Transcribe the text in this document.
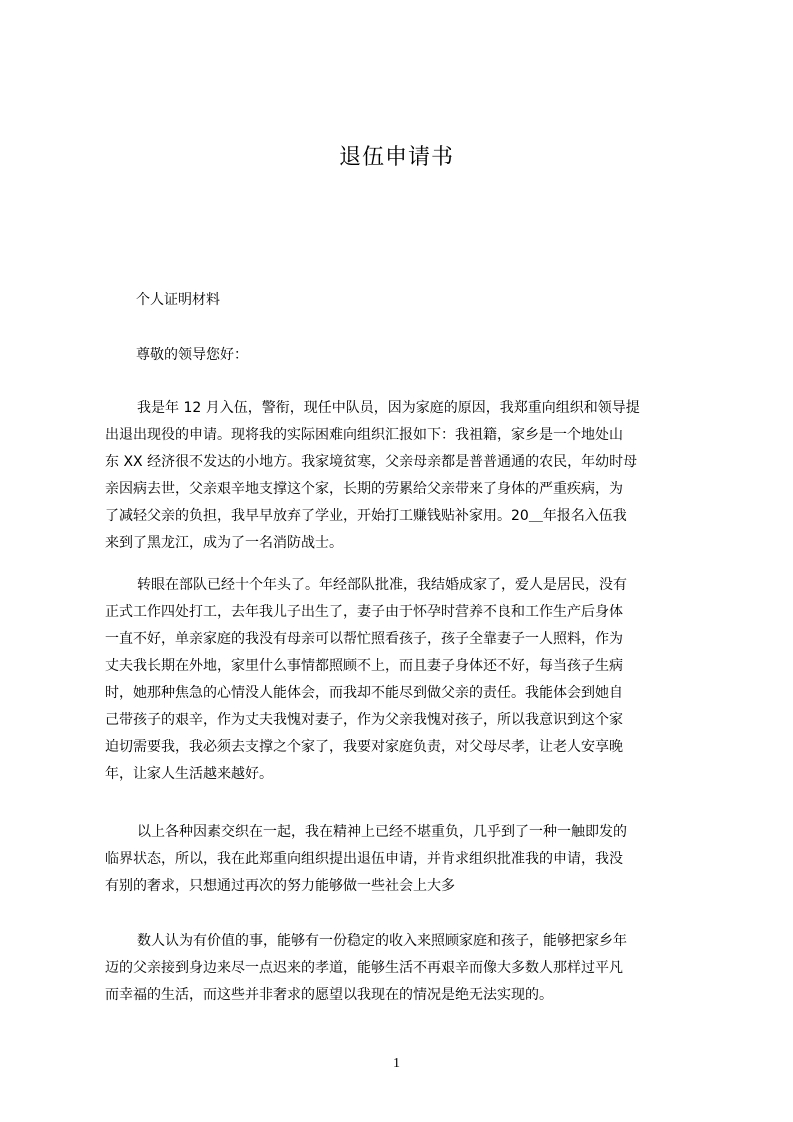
退伍申请书
个人证明材料
尊敬的领导您好：
我是年 12 月入伍，警衔，现任中队员，因为家庭的原因，我郑重向组织和领导提
出退出现役的申请。现将我的实际困难向组织汇报如下：我祖籍，家乡是一个地处山
东 XX 经济很不发达的小地方。我家境贫寒，父亲母亲都是普普通通的农民，年幼时母
亲因病去世，父亲艰辛地支撑这个家，长期的劳累给父亲带来了身体的严重疾病，为
了减轻父亲的负担，我早早放弃了学业，开始打工赚钱贴补家用。20＿年报名入伍我
来到了黑龙江，成为了一名消防战士。
转眼在部队已经十个年头了。年经部队批准，我结婚成家了，爱人是居民，没有
正式工作四处打工，去年我儿子出生了，妻子由于怀孕时营养不良和工作生产后身体
一直不好，单亲家庭的我没有母亲可以帮忙照看孩子，孩子全靠妻子一人照料，作为
丈夫我长期在外地，家里什么事情都照顾不上，而且妻子身体还不好，每当孩子生病
时，她那种焦急的心情没人能体会，而我却不能尽到做父亲的责任。我能体会到她自
己带孩子的艰辛，作为丈夫我愧对妻子，作为父亲我愧对孩子，所以我意识到这个家
迫切需要我，我必须去支撑之个家了，我要对家庭负责，对父母尽孝，让老人安享晚
年，让家人生活越来越好。
以上各种因素交织在一起，我在精神上已经不堪重负，几乎到了一种一触即发的
临界状态，所以，我在此郑重向组织提出退伍申请，并肯求组织批准我的申请，我没
有别的奢求，只想通过再次的努力能够做一些社会上大多
数人认为有价值的事，能够有一份稳定的收入来照顾家庭和孩子，能够把家乡年
迈的父亲接到身边来尽一点迟来的孝道，能够生活不再艰辛而像大多数人那样过平凡
而幸福的生活，而这些并非奢求的愿望以我现在的情况是绝无法实现的。
1
